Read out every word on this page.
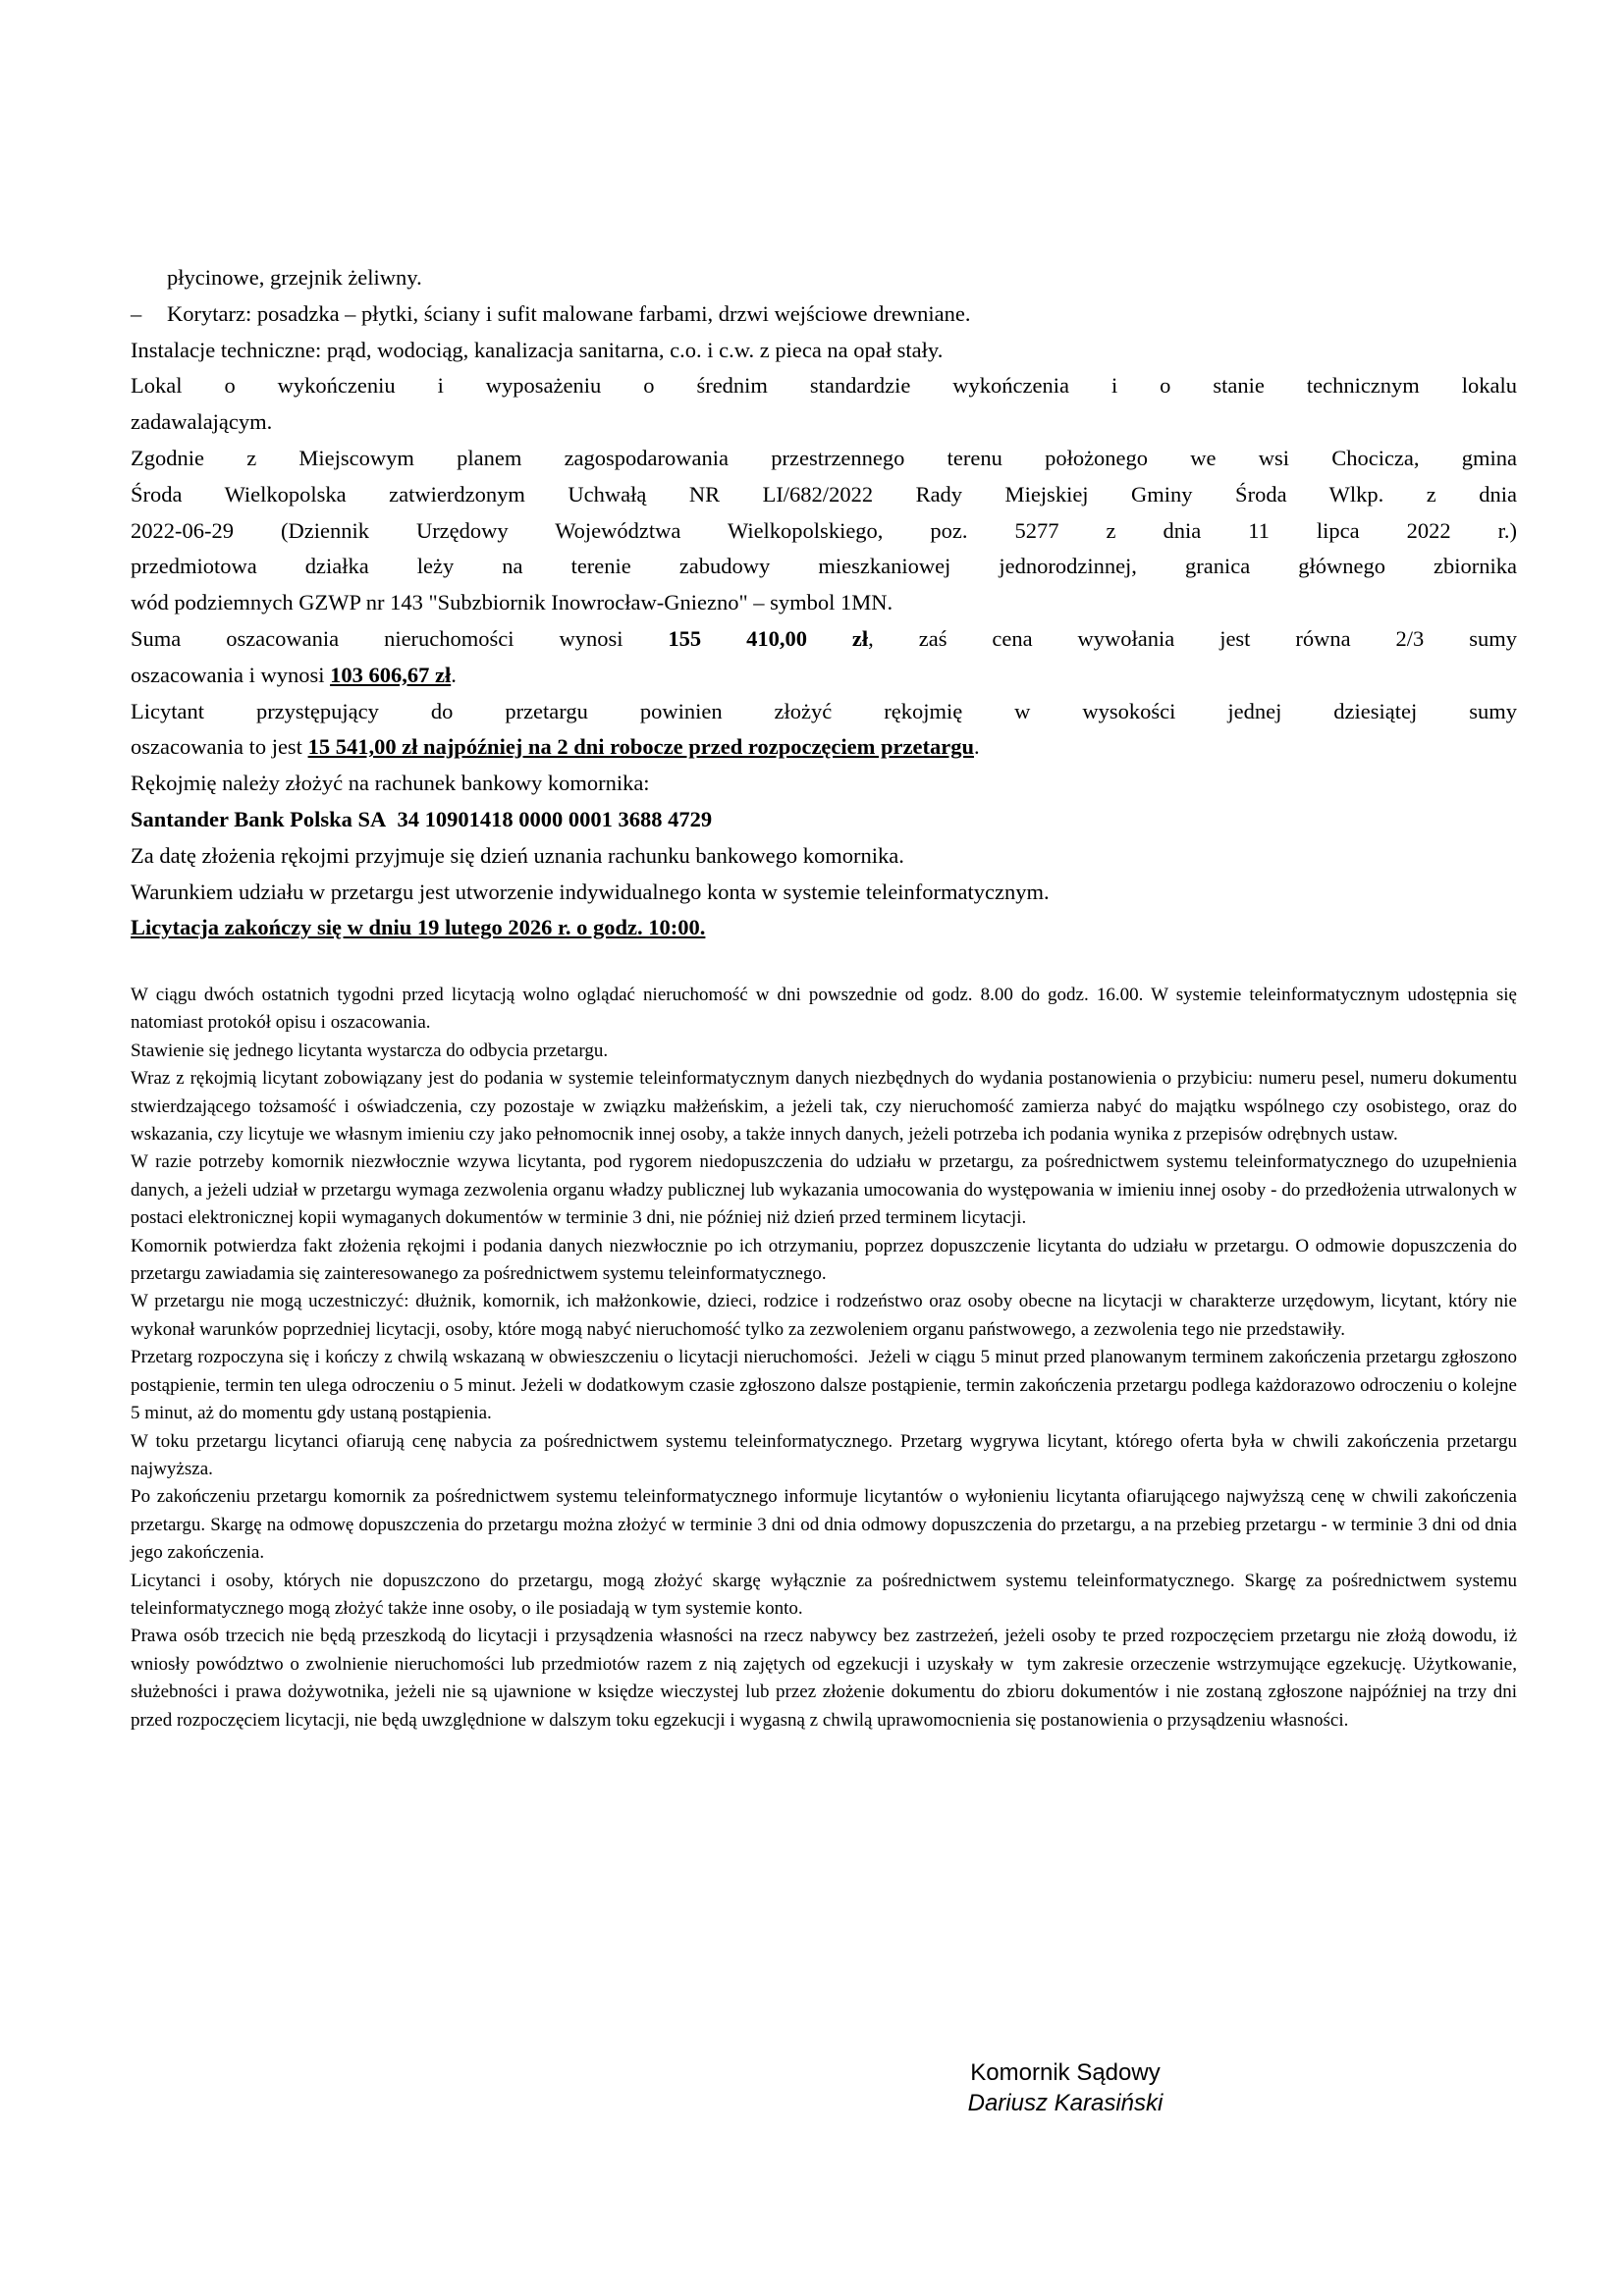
płycinowe, grzejnik żeliwny.

– Korytarz: posadzka – płytki, ściany i sufit malowane farbami, drzwi wejściowe drewniane.

Instalacje techniczne: prąd, wodociąg, kanalizacja sanitarna, c.o. i c.w. z pieca na opał stały.

Lokal o wykończeniu i wyposażeniu o średnim standardzie wykończenia i o stanie technicznym lokalu

zadawalającym.

Zgodnie z Miejscowym planem zagospodarowania przestrzennego terenu położonego we wsi Chocicza, gmina

Środa Wielkopolska zatwierdzonym Uchwałą NR LI/682/2022 Rady Miejskiej Gminy Środa Wlkp. z dnia

2022-06-29 (Dziennik Urzędowy Województwa Wielkopolskiego, poz. 5277 z dnia 11 lipca 2022 r.)

przedmiotowa działka leży na terenie zabudowy mieszkaniowej jednorodzinnej, granica głównego zbiornika

wód podziemnych GZWP nr 143 "Subzbiornik Inowrocław-Gniezno" – symbol 1MN.

Suma oszacowania nieruchomości wynosi 155 410,00 zł, zaś cena wywołania jest równa 2/3 sumy

oszacowania i wynosi 103 606,67 zł.

Licytant przystępujący do przetargu powinien złożyć rękojmię w wysokości jednej dziesiątej sumy

oszacowania to jest 15 541,00 zł najpóźniej na 2 dni robocze przed rozpoczęciem przetargu.

Rękojmię należy złożyć na rachunek bankowy komornika:

Santander Bank Polska SA  34 10901418 0000 0001 3688 4729

Za datę złożenia rękojmi przyjmuje się dzień uznania rachunku bankowego komornika.

Warunkiem udziału w przetargu jest utworzenie indywidualnego konta w systemie teleinformatycznym.

Licytacja zakończy się w dniu 19 lutego 2026 r. o godz. 10:00.

W ciągu dwóch ostatnich tygodni przed licytacją wolno oglądać nieruchomość w dni powszednie od godz. 8.00 do godz. 16.00. W systemie teleinformatycznym udostępnia się natomiast protokół opisu i oszacowania.

Stawienie się jednego licytanta wystarcza do odbycia przetargu.

Wraz z rękojmią licytant zobowiązany jest do podania w systemie teleinformatycznym danych niezbędnych do wydania postanowienia o przybiciu: numeru pesel, numeru dokumentu stwierdzającego tożsamość i oświadczenia, czy pozostaje w związku małżeńskim, a jeżeli tak, czy nieruchomość zamierza nabyć do majątku wspólnego czy osobistego, oraz do wskazania, czy licytuje we własnym imieniu czy jako pełnomocnik innej osoby, a także innych danych, jeżeli potrzeba ich podania wynika z przepisów odrębnych ustaw.

W razie potrzeby komornik niezwłocznie wzywa licytanta, pod rygorem niedopuszczenia do udziału w przetargu, za pośrednictwem systemu teleinformatycznego do uzupełnienia danych, a jeżeli udział w przetargu wymaga zezwolenia organu władzy publicznej lub wykazania umocowania do występowania w imieniu innej osoby - do przedłożenia utrwalonych w postaci elektronicznej kopii wymaganych dokumentów w terminie 3 dni, nie później niż dzień przed terminem licytacji.

Komornik potwierdza fakt złożenia rękojmi i podania danych niezwłocznie po ich otrzymaniu, poprzez dopuszczenie licytanta do udziału w przetargu. O odmowie dopuszczenia do przetargu zawiadamia się zainteresowanego za pośrednictwem systemu teleinformatycznego.

W przetargu nie mogą uczestniczyć: dłużnik, komornik, ich małżonkowie, dzieci, rodzice i rodzeństwo oraz osoby obecne na licytacji w charakterze urzędowym, licytant, który nie wykonał warunków poprzedniej licytacji, osoby, które mogą nabyć nieruchomość tylko za zezwoleniem organu państwowego, a zezwolenia tego nie przedstawiły.

Przetarg rozpoczyna się i kończy z chwilą wskazaną w obwieszczeniu o licytacji nieruchomości.  Jeżeli w ciągu 5 minut przed planowanym terminem zakończenia przetargu zgłoszono postąpienie, termin ten ulega odroczeniu o 5 minut. Jeżeli w dodatkowym czasie zgłoszono dalsze postąpienie, termin zakończenia przetargu podlega każdorazowo odroczeniu o kolejne 5 minut, aż do momentu gdy ustaną postąpienia.

W toku przetargu licytanci ofiarują cenę nabycia za pośrednictwem systemu teleinformatycznego. Przetarg wygrywa licytant, którego oferta była w chwili zakończenia przetargu najwyższa.

Po zakończeniu przetargu komornik za pośrednictwem systemu teleinformatycznego informuje licytantów o wyłonieniu licytanta ofiarującego najwyższą cenę w chwili zakończenia przetargu. Skargę na odmowę dopuszczenia do przetargu można złożyć w terminie 3 dni od dnia odmowy dopuszczenia do przetargu, a na przebieg przetargu - w terminie 3 dni od dnia jego zakończenia.

Licytanci i osoby, których nie dopuszczono do przetargu, mogą złożyć skargę wyłącznie za pośrednictwem systemu teleinformatycznego. Skargę za pośrednictwem systemu teleinformatycznego mogą złożyć także inne osoby, o ile posiadają w tym systemie konto.

Prawa osób trzecich nie będą przeszkodą do licytacji i przysądzenia własności na rzecz nabywcy bez zastrzeżeń, jeżeli osoby te przed rozpoczęciem przetargu nie złożą dowodu, iż wniosły powództwo o zwolnienie nieruchomości lub przedmiotów razem z nią zajętych od egzekucji i uzyskały w  tym zakresie orzeczenie wstrzymujące egzekucję. Użytkowanie, służebności i prawa dożywotnika, jeżeli nie są ujawnione w księdze wieczystej lub przez złożenie dokumentu do zbioru dokumentów i nie zostaną zgłoszone najpóźniej na trzy dni przed rozpoczęciem licytacji, nie będą uwzględnione w dalszym toku egzekucji i wygasną z chwilą uprawomocnienia się postanowienia o przysądzeniu własności.

Komornik Sądowy
Dariusz Karasiński
